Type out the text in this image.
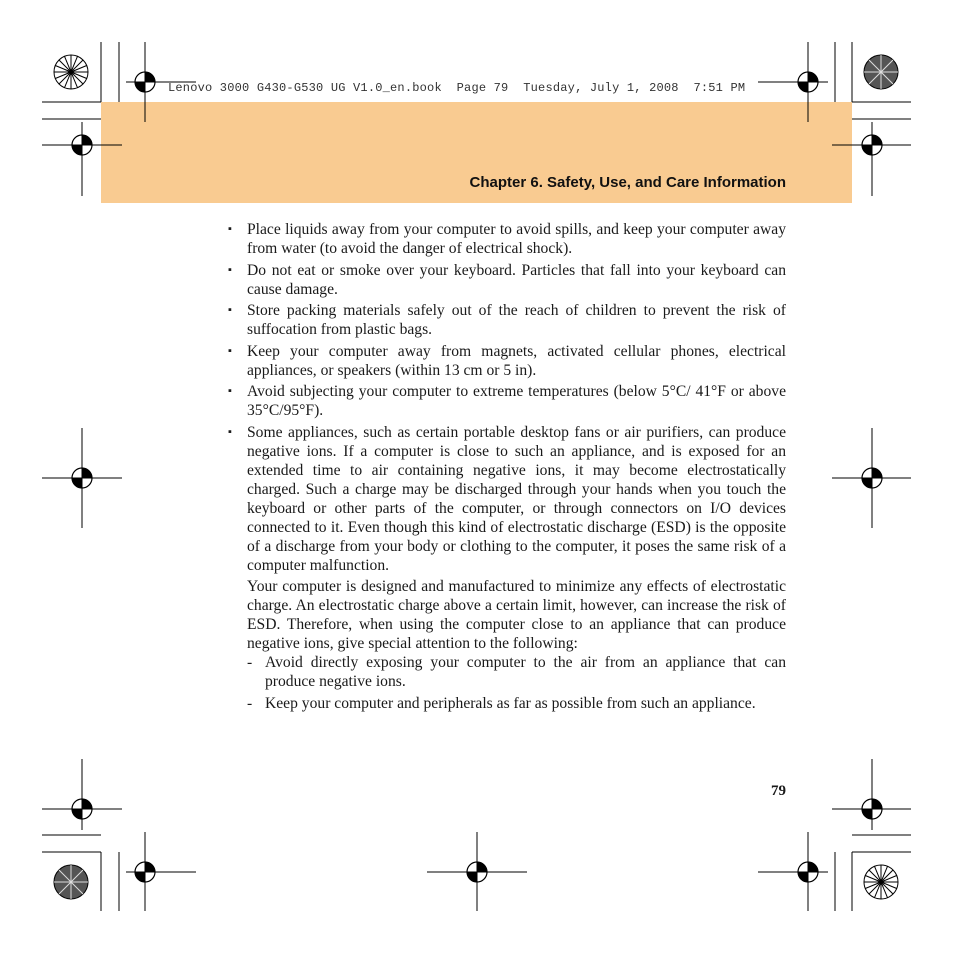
Lenovo 3000 G430-G530 UG V1.0_en.book  Page 79  Tuesday, July 1, 2008  7:51 PM
Chapter 6. Safety, Use, and Care Information
▪ Place liquids away from your computer to avoid spills, and keep your computer away from water (to avoid the danger of electrical shock).
▪ Do not eat or smoke over your keyboard. Particles that fall into your keyboard can cause damage.
▪ Store packing materials safely out of the reach of children to prevent the risk of suffocation from plastic bags.
▪ Keep your computer away from magnets, activated cellular phones, electrical appliances, or speakers (within 13 cm or 5 in).
▪ Avoid subjecting your computer to extreme temperatures (below 5°C/ 41°F or above 35°C/95°F).
▪ Some appliances, such as certain portable desktop fans or air purifiers, can produce negative ions. If a computer is close to such an appliance, and is exposed for an extended time to air containing negative ions, it may become electrostatically charged. Such a charge may be discharged through your hands when you touch the keyboard or other parts of the computer, or through connectors on I/O devices connected to it. Even though this kind of electrostatic discharge (ESD) is the opposite of a discharge from your body or clothing to the computer, it poses the same risk of a computer malfunction.

Your computer is designed and manufactured to minimize any effects of electrostatic charge. An electrostatic charge above a certain limit, however, can increase the risk of ESD. Therefore, when using the computer close to an appliance that can produce negative ions, give special attention to the following:

- Avoid directly exposing your computer to the air from an appliance that can produce negative ions.
- Keep your computer and peripherals as far as possible from such an appliance.
79
